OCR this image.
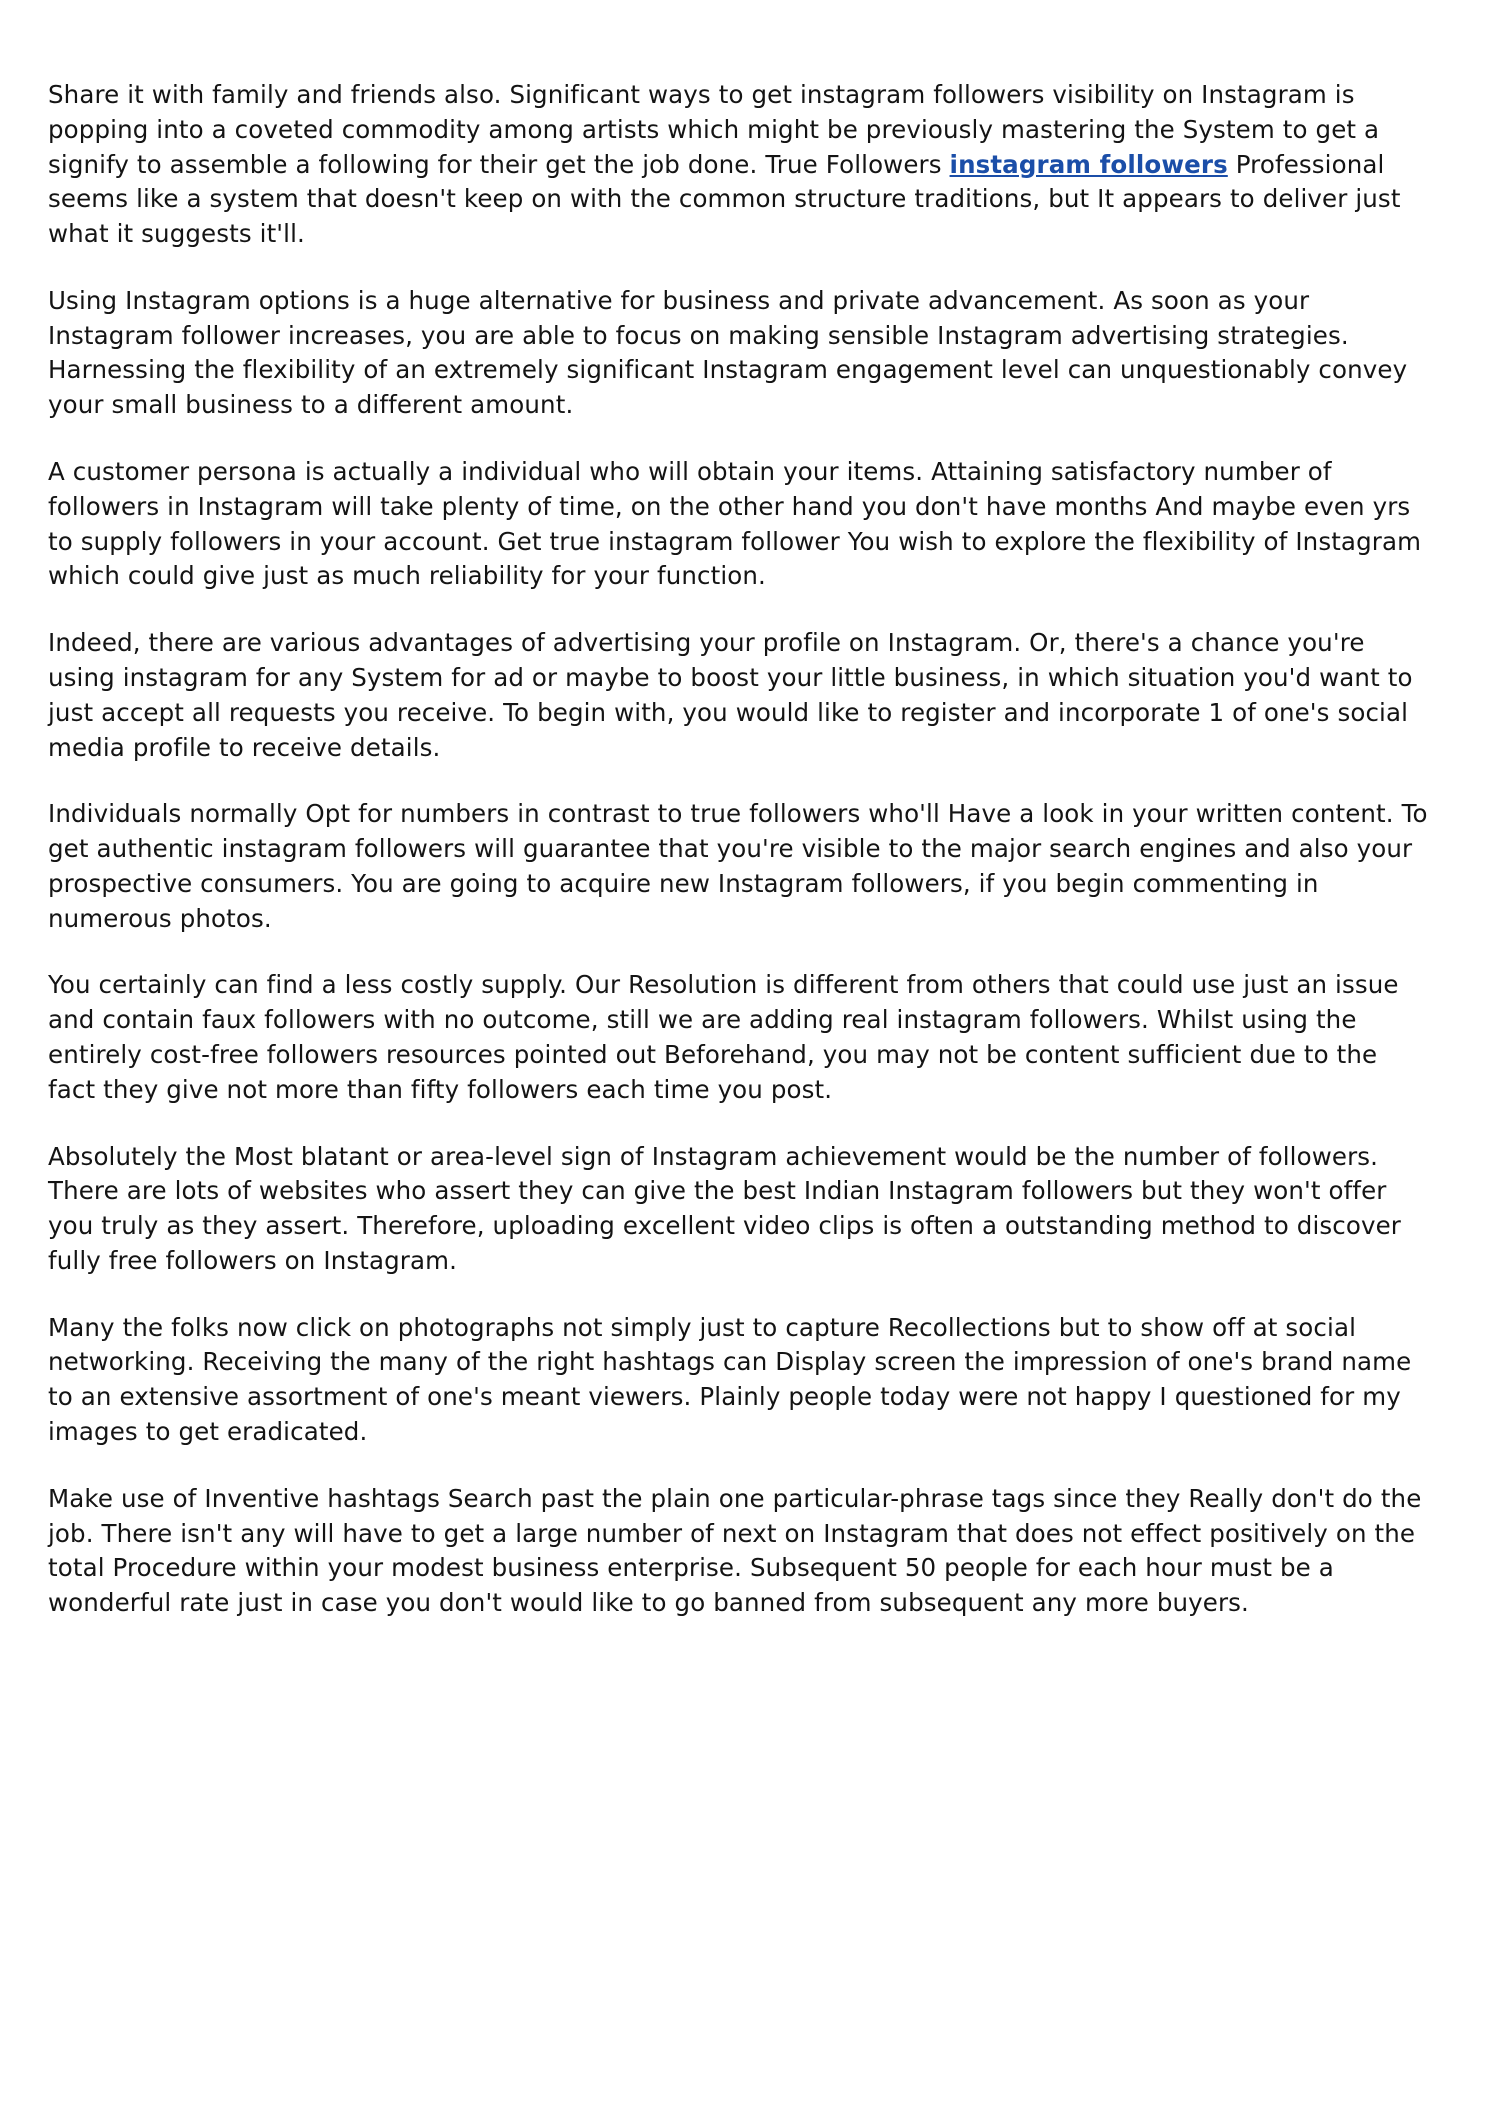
Share it with family and friends also. Significant ways to get instagram followers visibility on Instagram is popping into a coveted commodity among artists which might be previously mastering the System to get a signify to assemble a following for their get the job done. True Followers instagram followers Professional seems like a system that doesn't keep on with the common structure traditions, but It appears to deliver just what it suggests it'll.

Using Instagram options is a huge alternative for business and private advancement. As soon as your Instagram follower increases, you are able to focus on making sensible Instagram advertising strategies. Harnessing the flexibility of an extremely significant Instagram engagement level can unquestionably convey your small business to a different amount.

A customer persona is actually a individual who will obtain your items. Attaining satisfactory number of followers in Instagram will take plenty of time, on the other hand you don't have months And maybe even yrs to supply followers in your account. Get true instagram follower You wish to explore the flexibility of Instagram which could give just as much reliability for your function.

Indeed, there are various advantages of advertising your profile on Instagram. Or, there's a chance you're using instagram for any System for ad or maybe to boost your little business, in which situation you'd want to just accept all requests you receive. To begin with, you would like to register and incorporate 1 of one's social media profile to receive details.

Individuals normally Opt for numbers in contrast to true followers who'll Have a look in your written content. To get authentic instagram followers will guarantee that you're visible to the major search engines and also your prospective consumers. You are going to acquire new Instagram followers, if you begin commenting in numerous photos.

You certainly can find a less costly supply. Our Resolution is different from others that could use just an issue and contain faux followers with no outcome, still we are adding real instagram followers. Whilst using the entirely cost-free followers resources pointed out Beforehand, you may not be content sufficient due to the fact they give not more than fifty followers each time you post.

Absolutely the Most blatant or area-level sign of Instagram achievement would be the number of followers. There are lots of websites who assert they can give the best Indian Instagram followers but they won't offer you truly as they assert. Therefore, uploading excellent video clips is often a outstanding method to discover fully free followers on Instagram.

Many the folks now click on photographs not simply just to capture Recollections but to show off at social networking. Receiving the many of the right hashtags can Display screen the impression of one's brand name to an extensive assortment of one's meant viewers. Plainly people today were not happy I questioned for my images to get eradicated.

Make use of Inventive hashtags Search past the plain one particular-phrase tags since they Really don't do the job. There isn't any will have to get a large number of next on Instagram that does not effect positively on the total Procedure within your modest business enterprise. Subsequent 50 people for each hour must be a wonderful rate just in case you don't would like to go banned from subsequent any more buyers.
